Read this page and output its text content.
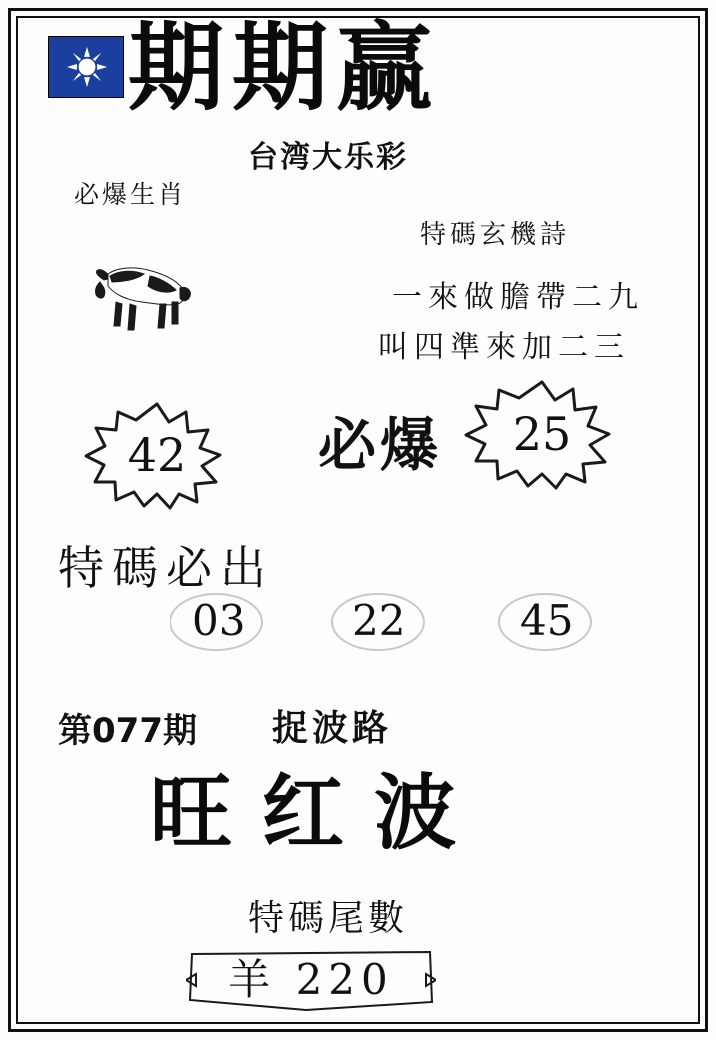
期期赢
台湾大乐彩
必爆生肖
特碼玄機詩
一來做膽帶二九
叫四準來加二三
42	必爆	25
特碼必出
03	22	45
第077期 捉波路
旺红波
特碼尾數
羊 220
